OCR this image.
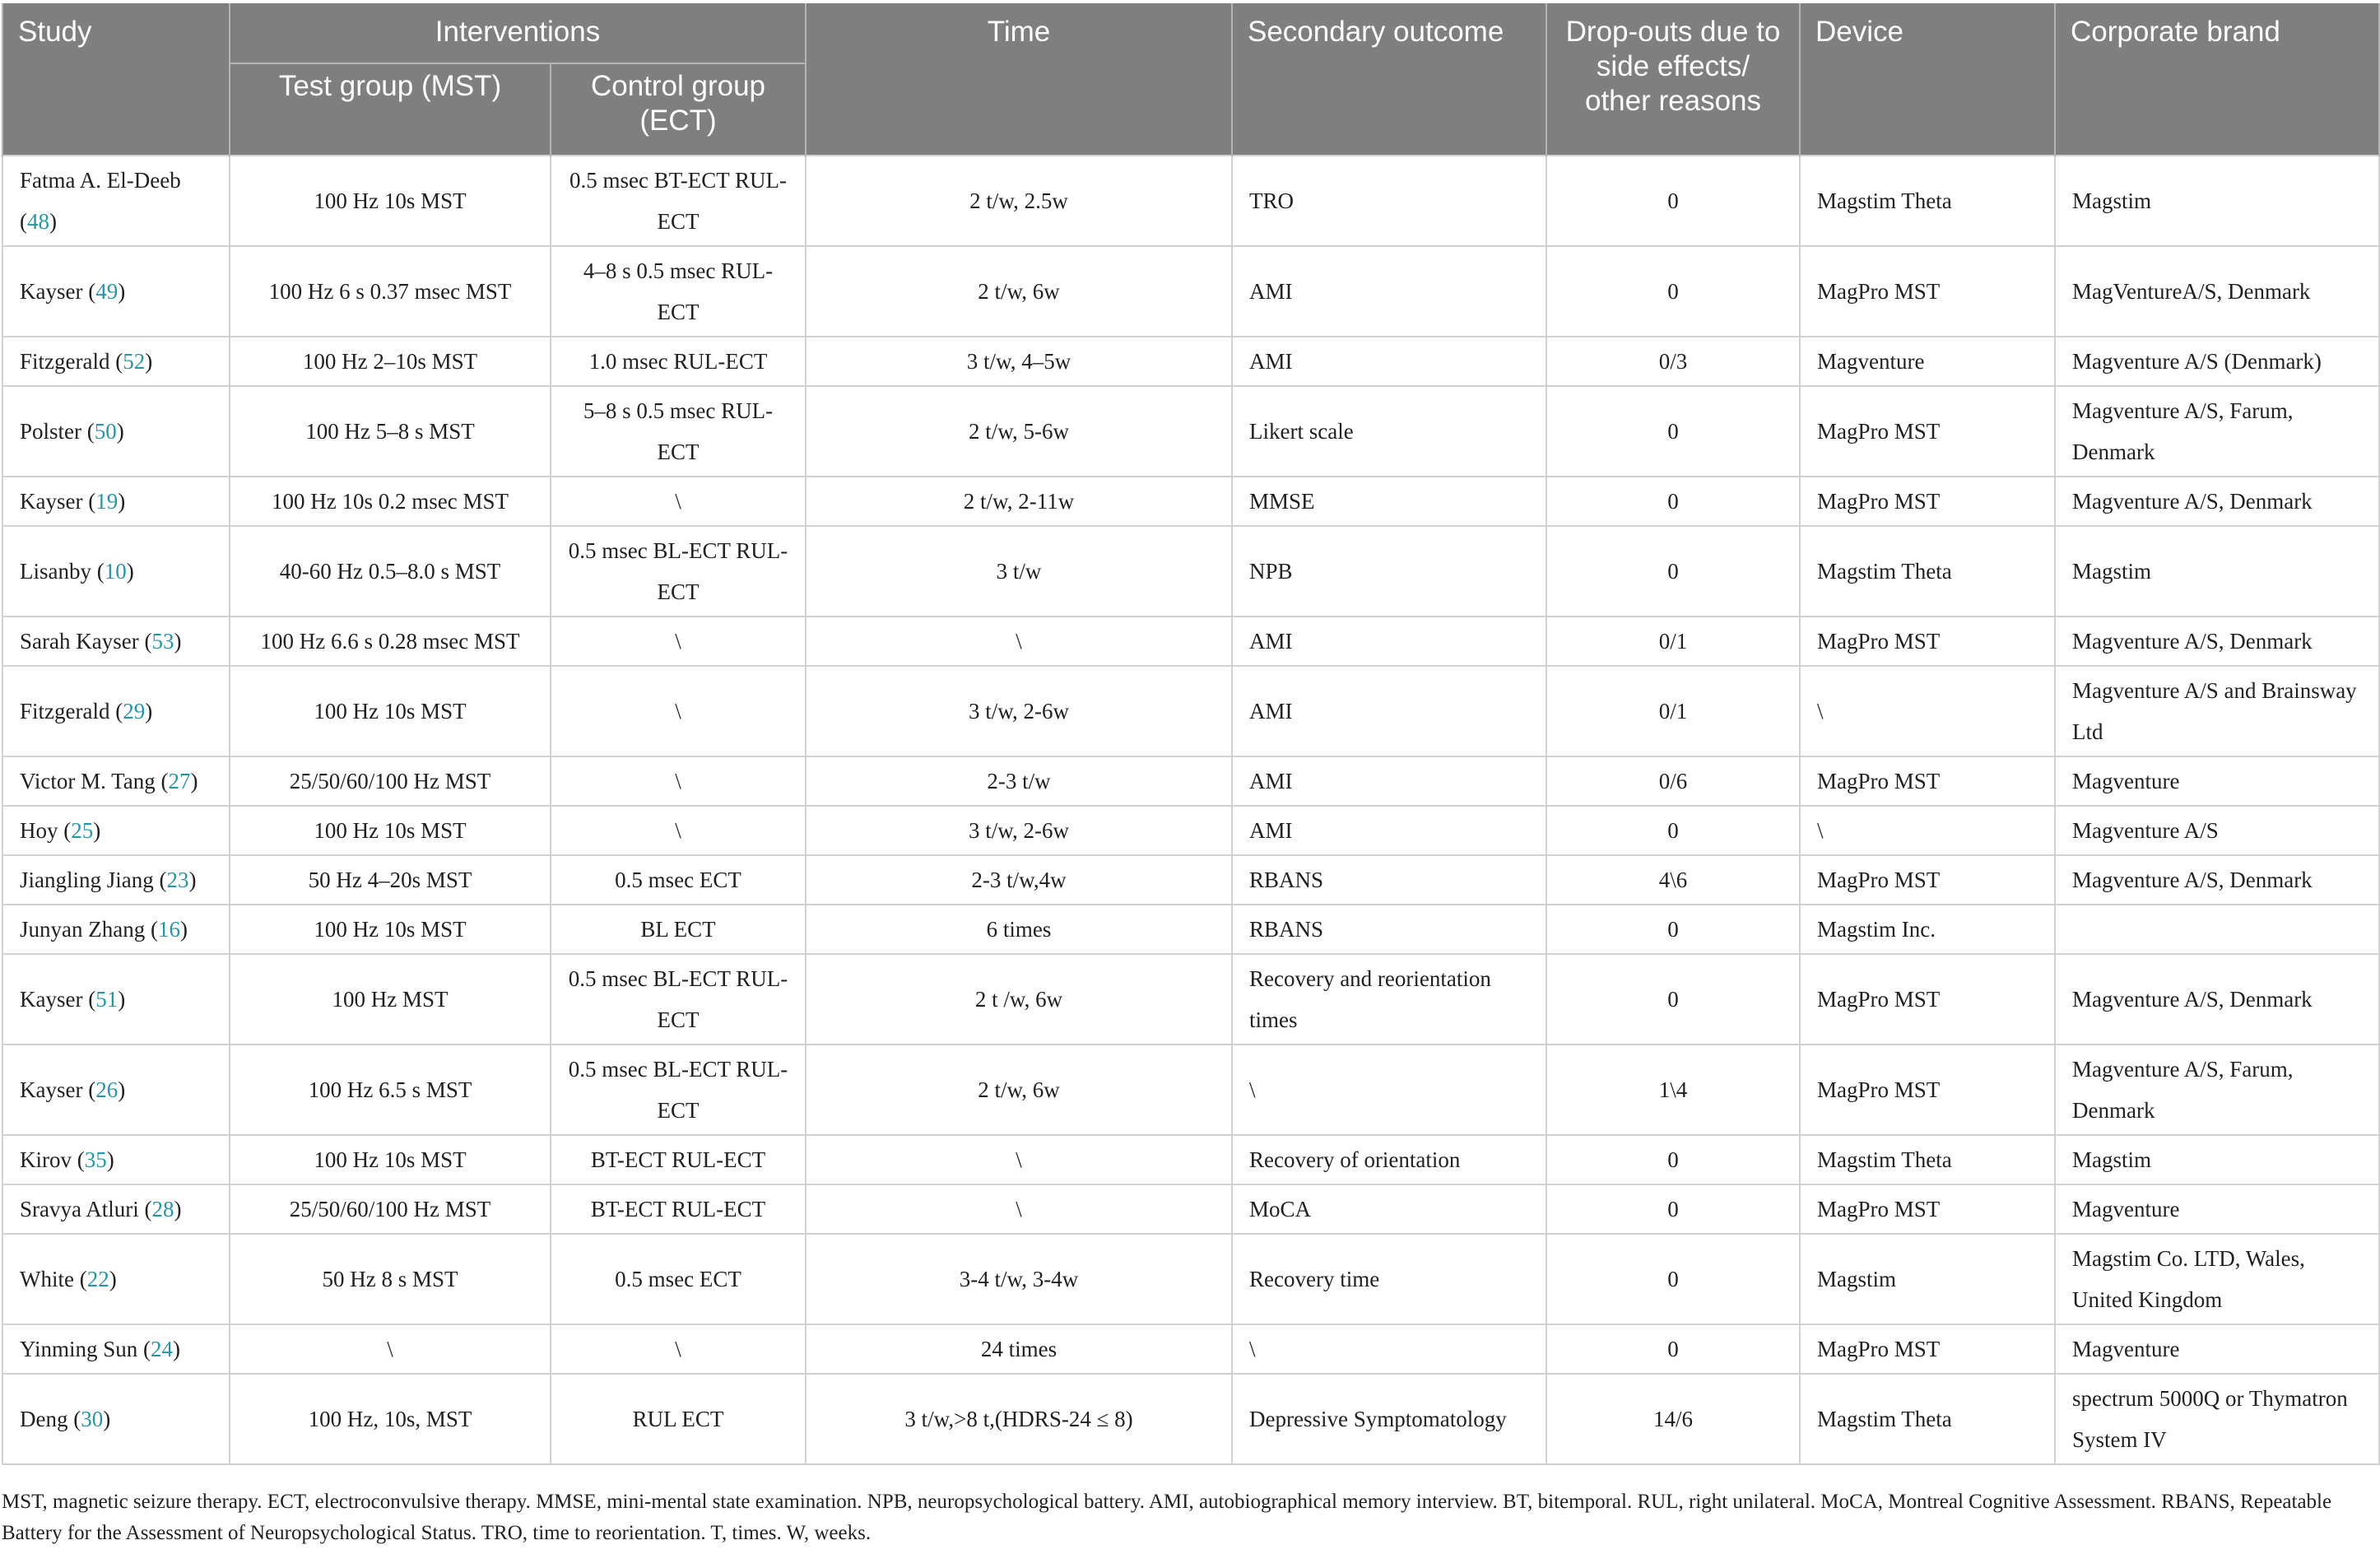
Study	Interventions		Time	Secondary outcome	Drop-outs due to side effects/ other reasons	Device	Corporate brand
	Test group (MST)	Control group (ECT)					
Fatma A. El-Deeb (48)	100 Hz 10s MST	0.5 msec BT-ECT RUL-ECT	2 t/w, 2.5w	TRO	0	Magstim Theta	Magstim
Kayser (49)	100 Hz 6 s 0.37 msec MST	4–8 s 0.5 msec RUL-ECT	2 t/w, 6w	AMI	0	MagPro MST	MagVentureA/S, Denmark
Fitzgerald (52)	100 Hz 2–10s MST	1.0 msec RUL-ECT	3 t/w, 4–5w	AMI	0/3	Magventure	Magventure A/S (Denmark)
Polster (50)	100 Hz 5–8 s MST	5–8 s 0.5 msec RUL-ECT	2 t/w, 5-6w	Likert scale	0	MagPro MST	Magventure A/S, Farum, Denmark
Kayser (19)	100 Hz 10s 0.2 msec MST	\	2 t/w, 2-11w	MMSE	0	MagPro MST	Magventure A/S, Denmark
Lisanby (10)	40-60 Hz 0.5–8.0 s MST	0.5 msec BL-ECT RUL-ECT	3 t/w	NPB	0	Magstim Theta	Magstim
Sarah Kayser (53)	100 Hz 6.6 s 0.28 msec MST	\	\	AMI	0/1	MagPro MST	Magventure A/S, Denmark
Fitzgerald (29)	100 Hz 10s MST	\	3 t/w, 2-6w	AMI	0/1	\	Magventure A/S and Brainsway Ltd
Victor M. Tang (27)	25/50/60/100 Hz MST	\	2-3 t/w	AMI	0/6	MagPro MST	Magventure
Hoy (25)	100 Hz 10s MST	\	3 t/w, 2-6w	AMI	0	\	Magventure A/S
Jiangling Jiang (23)	50 Hz 4–20s MST	0.5 msec ECT	2-3 t/w,4w	RBANS	4\6	MagPro MST	Magventure A/S, Denmark
Junyan Zhang (16)	100 Hz 10s MST	BL ECT	6 times	RBANS	0	Magstim Inc.	
Kayser (51)	100 Hz MST	0.5 msec BL-ECT RUL-ECT	2 t /w, 6w	Recovery and reorientation times	0	MagPro MST	Magventure A/S, Denmark
Kayser (26)	100 Hz 6.5 s MST	0.5 msec BL-ECT RUL-ECT	2 t/w, 6w	\	1\4	MagPro MST	Magventure A/S, Farum, Denmark
Kirov (35)	100 Hz 10s MST	BT-ECT RUL-ECT	\	Recovery of orientation	0	Magstim Theta	Magstim
Sravya Atluri (28)	25/50/60/100 Hz MST	BT-ECT RUL-ECT	\	MoCA	0	MagPro MST	Magventure
White (22)	50 Hz 8 s MST	0.5 msec ECT	3-4 t/w, 3-4w	Recovery time	0	Magstim	Magstim Co. LTD, Wales, United Kingdom
Yinming Sun (24)	\	\	24 times	\	0	MagPro MST	Magventure
Deng (30)	100 Hz, 10s, MST	RUL ECT	3 t/w,>8 t,(HDRS-24 ≤ 8)	Depressive Symptomatology	14/6	Magstim Theta	spectrum 5000Q or Thymatron System IV
MST, magnetic seizure therapy. ECT, electroconvulsive therapy. MMSE, mini-mental state examination. NPB, neuropsychological battery. AMI, autobiographical memory interview. BT, bitemporal. RUL, right unilateral. MoCA, Montreal Cognitive Assessment. RBANS, Repeatable Battery for the Assessment of Neuropsychological Status. TRO, time to reorientation. T, times. W, weeks.
